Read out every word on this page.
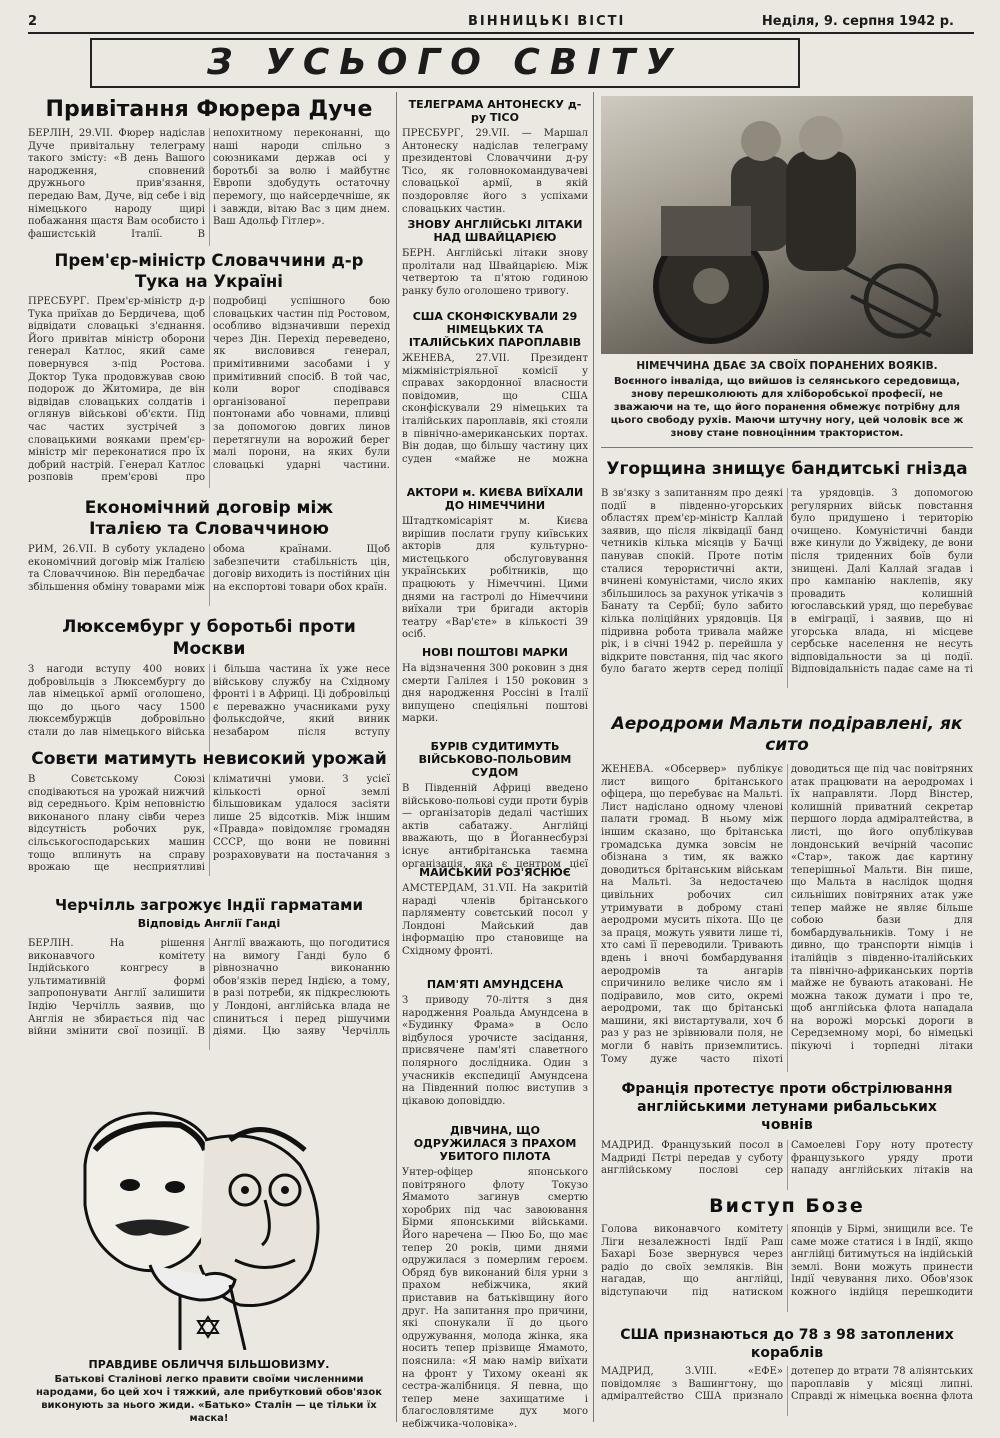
2	ВІННИЦЬКІ ВІСТІ	Неділя, 9. серпня 1942 р.
З УСЬОГО СВІТУ
Привітання Фюрера Дуче
БЕРЛІН, 29.VII. Фюрер надіслав Дуче привітальну телеграму такого змісту: «В день Вашого народження, сповнений дружнього прив'язання, передаю Вам, Дуче, від себе і від німецького народу щирі побажання щастя Вам особисто і фашистській Італії. В непохитному переконанні, що наші народи спільно з союзниками держав осі у боротьбі за волю і майбутнє Европи здобудуть остаточну перемогу, що найсердечніше, як і завжди, вітаю Вас з цим днем. Ваш Адольф Гітлер».
Прем'єр-міністр Словаччини д-р Тука на Україні
ПРЕСБУРГ. Прем'єр-міністр д-р Тука приїхав до Бердичева, щоб відвідати словацькі з'єднання. Його привітав міністр оборони генерал Катлос, який саме повернувся з-під Ростова. Доктор Тука продовжував свою подорож до Житомира, де він відвідав словацьких солдатів і оглянув військові об'єкти. Під час частих зустрічей з словацькими вояками прем'єр-міністр міг переконатися про їх добрий настрій. Генерал Катлос розповів прем'єрові про подробиці успішного бою словацьких частин під Ростовом, особливо відзначивши перехід через Дін. Перехід переведено, як висловився генерал, примітивними засобами і у примітивний спосіб. В той час, коли ворог сподівався організованої переправи понтонами або човнами, пливці за допомогою довгих линов перетягнули на ворожий берег малі порони, на яких були словацькі ударні частини.
Економічний договір між Італією та Словаччиною
РИМ, 26.VII. В суботу укладено економічний договір між Італією та Словаччиною. Він передбачає збільшення обміну товарами між обома країнами. Щоб забезпечити стабільність цін, договір виходить із постійних цін на експортові товари обох країн.
Люксембург у боротьбі проти Москви
З нагоди вступу 400 нових добровільців з Люксембургу до лав німецької армії оголошено, що до цього часу 1500 люксембуржців добровільно стали до лав німецького війська і більша частина їх уже несе військову службу на Східному фронті і в Африці. Ці добровільці є переважно учасниками руху фольксдойче, який виник незабаром після вступу
Совєти матимуть невисокий урожай
В Совєтському Союзі сподіваються на урожай нижчий від середнього. Крім неповністю виконаного плану сівби через відсутність робочих рук, сільськогосподарських машин тощо вплинуть на справу врожаю ще несприятливі кліматичні умови. З усієї кількості орної землі більшовикам удалося засіяти лише 25 відсотків. Між іншим «Правда» повідомляє громадян СССР, що вони не повинні розраховувати на постачання з
Черчілль загрожує Індії гарматами
Відповідь Англії Ганді
БЕРЛІН. На рішення виконавчого комітету Індійського конгресу в ультимативній формі запропонувати Англії залишити Індію Черчілль заявив, що Англія не збирається під час війни змінити свої позиції. В Англії вважають, що погодитися на вимогу Ганді було б рівнозначно виконанню обов'язків перед Індією, а тому, в разі потреби, як підкреслюють у Лондоні, англійська влада не спиниться і перед рішучими діями. Цю заяву Черчілль
ПРАВДИВЕ ОБЛИЧЧЯ БІЛЬШОВИЗМУ.
Батькові Сталінові легко правити своїми численними народами, бо цей хоч і тяжкий, але прибутковий обов'язок виконують за нього жиди. «Батько» Сталін — це тільки їх маска!
ТЕЛЕГРАМА АНТОНЕСКУ д-ру ТІСО
ПРЕСБУРГ, 29.VII. — Маршал Антонеску надіслав телеграму президентові Словаччини д-ру Тісо, як головнокомандувачеві словацької армії, в якій поздоровляє його з успіхами словацьких частин.
ЗНОВУ АНГЛІЙСЬКІ ЛІТАКИ НАД ШВАЙЦАРІЄЮ
БЕРН. Англійські літаки знову пролітали над Швайцарією. Між четвертою та п'ятою годиною ранку було оголошено тривогу.
США СКОНФІСКУВАЛИ 29 НІМЕЦЬКИХ ТА ІТАЛІЙСЬКИХ ПАРОПЛАВІВ
ЖЕНЕВА, 27.VII. Президент міжміністріяльної комісії у справах закордонної власности повідомив, що США сконфіскували 29 німецьких та італійських пароплавів, які стояли в північно-американських портах. Він додав, що більшу частину цих суден «майже не можна
АКТОРИ м. КИЄВА ВИЇХАЛИ ДО НІМЕЧЧИНИ
Штадткомісаріят м. Києва вирішив послати групу київських акторів для культурно-мистецького обслуговування українських робітників, що працюють у Німеччині. Цими днями на гастролі до Німеччини виїхали три бригади акторів театру «Вар'єте» в кількості 39 осіб.
НОВІ ПОШТОВІ МАРКИ
На відзначення 300 роковин з дня смерти Галілея і 150 роковин з дня народження Россіні в Італії випущено спеціяльні поштові марки.
БУРІВ СУДИТИМУТЬ ВІЙСЬКОВО-ПОЛЬОВИМ СУДОМ
В Південній Африці введено військово-польові суди проти бурів — організаторів дедалі частіших актів сабатажу. Англійці вважають, що в Йоганнесбурзі існує антибрітанська таємна організація, яка є центром цієї
МАЙСЬКИЙ РОЗ'ЯСНЮЄ
АМСТЕРДАМ, 31.VII. На закритій нараді членів брітанського парляменту совєтський посол у Лондоні Майський дав інформацію про становище на Східному фронті.
ПАМ'ЯТІ АМУНДСЕНА
З приводу 70-ліття з дня народження Роальда Амундсена в «Будинку Фрама» в Осло відбулося урочисте засідання, присвячене пам'яті славетного полярного дослідника. Один з учасників експедиції Амундсена на Південний полюс виступив з цікавою доповіддю.
ДІВЧИНА, ЩО ОДРУЖИЛАСЯ З ПРАХОМ УБИТОГО ПІЛОТА
Унтер-офіцер японського повітряного флоту Токузо Ямамото загинув смертю хоробрих під час завоювання Бірми японськими військами. Його наречена — Пюо Бо, що має тепер 20 років, цими днями одружилася з померлим героєм. Обряд був виконаний біля урни з прахом небіжчика, який приставив на батьківщину його друг. На запитання про причини, які спонукали її до цього одружування, молода жінка, яка носить тепер прізвище Ямамото, пояснила: «Я маю намір виїхати на фронт у Тихому океані як сестра-жалібниця. Я певна, що тепер мене захищатиме і благословлятиме дух мого небіжчика-чоловіка».
НІМЕЧЧИНА ДБАЄ ЗА СВОЇХ ПОРАНЕНИХ ВОЯКІВ.
Воєнного інваліда, що вийшов із селянського середовища, знову перешколюють для хліборобської професії, не зважаючи на те, що його поранення обмежує потрібну для цього свободу рухів. Маючи штучну ногу, цей чоловік все ж знову стане повноцінним трактористом.
Угорщина знищує бандитські гнізда
В зв'язку з запитанням про деякі події в південно-угорських областях прем'єр-міністр Каллай заявив, що після ліквідації банд четників кілька місяців у Бачці панував спокій. Проте потім сталися терористичні акти, вчинені комуністами, число яких збільшилось за рахунок утікачів з Банату та Сербії; було забито кілька поліційних урядовців. Ця підривна робота тривала майже рік, і в січні 1942 р. перейшла у відкрите повстання, під час якого було багато жертв серед поліції та урядовців. З допомогою регулярних військ повстання було придушено і територію очищено. Комуністичні банди вже кинули до Ужвідеку, де вони після триденних боїв були знищені. Далі Каллай згадав і про кампанію наклепів, яку провадить колишній югославський уряд, що перебуває в еміграції, і заявив, що ні угорська влада, ні місцеве сербське населення не несуть відповідальности за ці події. Відповідальність падає саме на ті
Аеродроми Мальти подіравлені, як сито
ЖЕНЕВА. «Обсервер» публікує лист вищого брітанського офіцера, що перебуває на Мальті. Лист надіслано одному членові палати громад. В ньому між іншим сказано, що брітанська громадська думка зовсім не обізнана з тим, як важко доводиться брітанським військам на Мальті. За недостачею цивільних робочих сил утримувати в доброму стані аеродроми мусить піхота. Що це за праця, можуть уявити лише ті, хто самі її переводили. Тривають вдень і вночі бомбардування аеродромів та ангарів спричинило велике число ям і подіравило, мов сито, окремі аеродроми, так що брітанські машини, які вистартували, хоч б раз у раз не зрівнювали поля, не могли б навіть приземлитись. Тому дуже часто піхоті доводиться ще під час повітряних атак працювати на аеродромах і їх направляти. Лорд Вінстер, колишній приватний секретар першого лорда адміралтейства, в листі, що його опублікував лондонський вечірній часопис «Стар», також дає картину теперішньої Мальти. Він пише, що Мальта в наслідок щодня сильніших повітряних атак уже тепер майже не являє більше собою бази для бомбардувальників. Тому і не дивно, що транспорти німців і італійців з південно-італійських та північно-африканських портів майже не бувають атаковані. Не можна також думати і про те, щоб англійська флота нападала на ворожі морські дороги в Середземному морі, бо німецькі пікуючі і торпедні літаки
Франція протестує проти обстрілювання англійськими летунами рибальських човнів
МАДРИД. Французький посол в Мадриді Пєтрі передав у суботу англійському послові сер Самоелеві Гору ноту протесту французького уряду проти нападу англійських літаків на
Виступ Бозе
Голова виконавчого комітету Ліги незалежності Індії Раш Бахарі Бозе звернувся через радіо до своїх земляків. Він нагадав, що англійці, відступаючи під натиском японців у Бірмі, знищили все. Те саме може статися і в Індії, якщо англійці битимуться на індійській землі. Вони можуть принести Індії чевування лихо. Обов'язок кожного індійця перешкодити
США признаються до 78 з 98 затоплених кораблів
МАДРИД, 3.VIII. «ЕФЕ» повідомляє з Вашингтону, що адміралтейство США признало дотепер до втрати 78 аліянтських пароплавів у місяці липні. Справді ж німецька воєнна флота
